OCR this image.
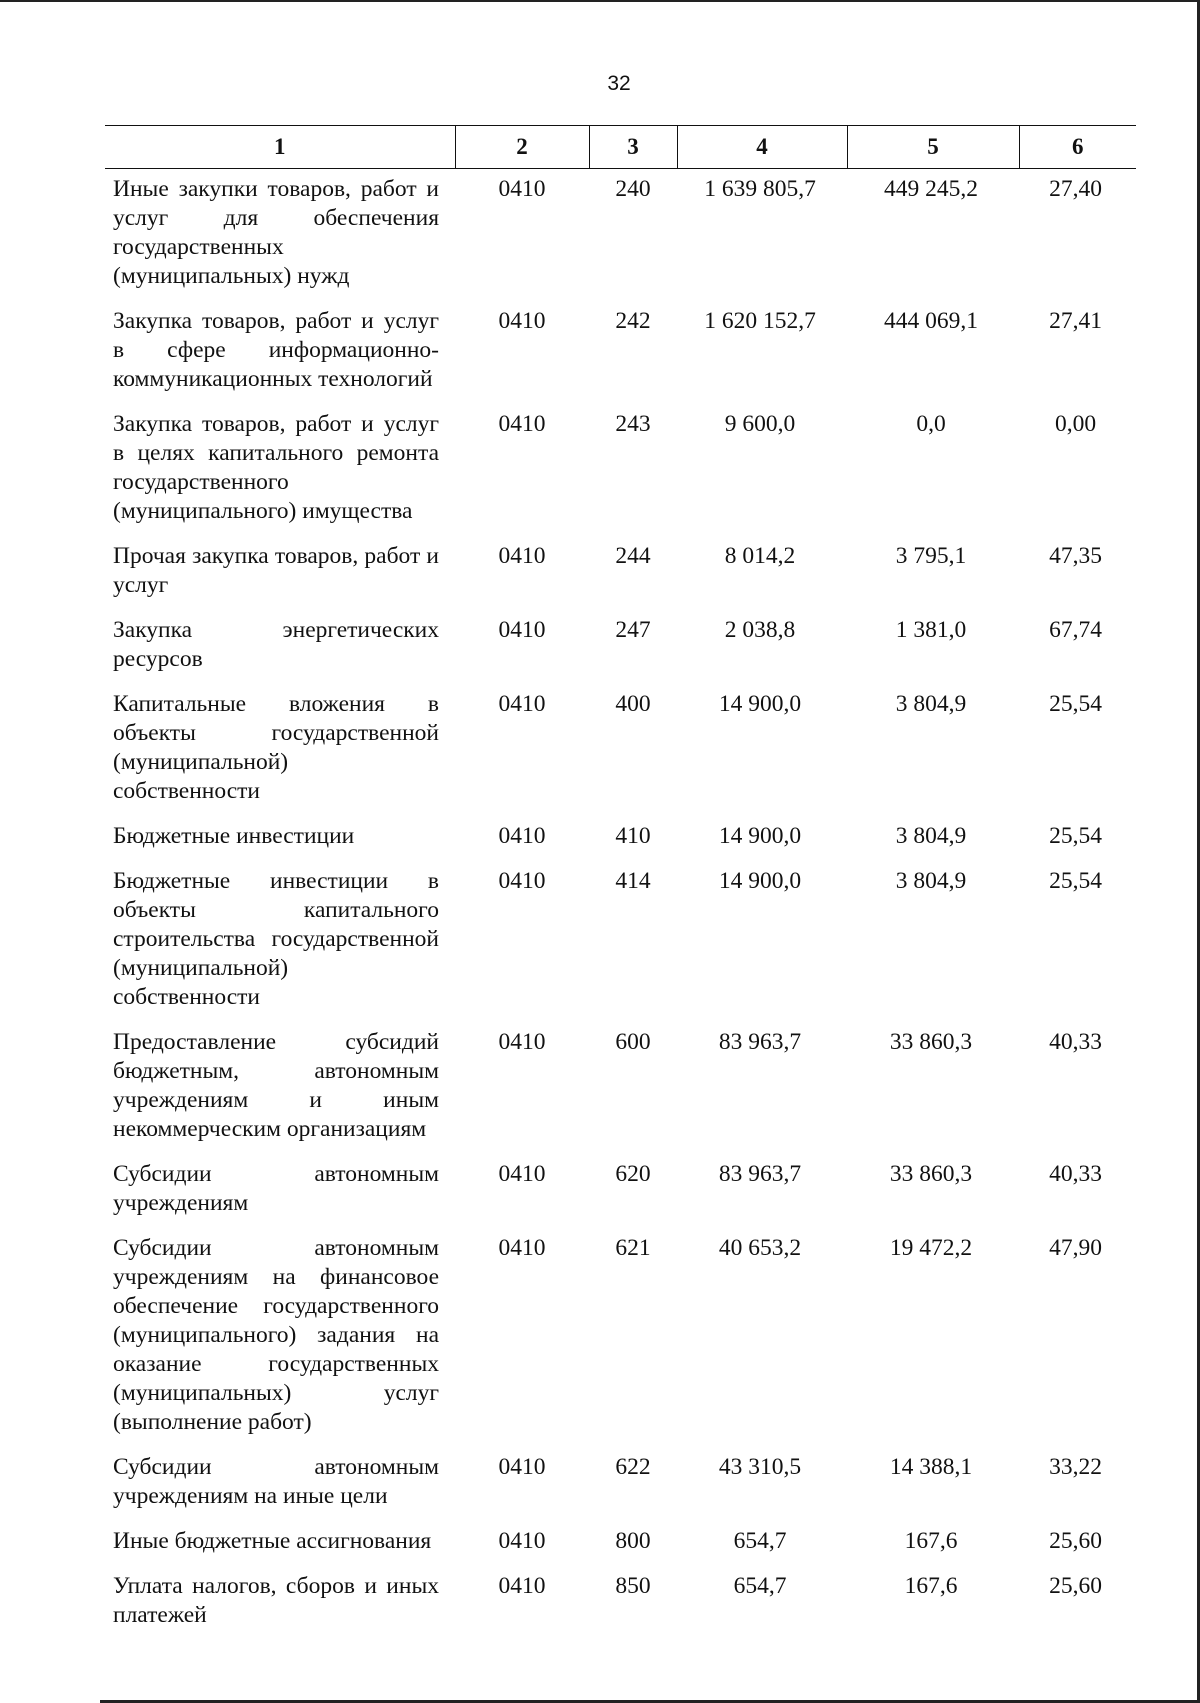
32
1	2	3	4	5	6
Иные закупки товаров, работ и услуг для обеспечения государственных (муниципальных) нужд	0410	240	1 639 805,7	449 245,2	27,40
Закупка товаров, работ и услуг в сфере информационно-коммуникационных технологий	0410	242	1 620 152,7	444 069,1	27,41
Закупка товаров, работ и услуг в целях капитального ремонта государственного (муниципального) имущества	0410	243	9 600,0	0,0	0,00
Прочая закупка товаров, работ и услуг	0410	244	8 014,2	3 795,1	47,35
Закупка энергетических ресурсов	0410	247	2 038,8	1 381,0	67,74
Капитальные вложения в объекты государственной (муниципальной) собственности	0410	400	14 900,0	3 804,9	25,54
Бюджетные инвестиции	0410	410	14 900,0	3 804,9	25,54
Бюджетные инвестиции в объекты капитального строительства государственной (муниципальной) собственности	0410	414	14 900,0	3 804,9	25,54
Предоставление субсидий бюджетным, автономным учреждениям и иным некоммерческим организациям	0410	600	83 963,7	33 860,3	40,33
Субсидии автономным учреждениям	0410	620	83 963,7	33 860,3	40,33
Субсидии автономным учреждениям на финансовое обеспечение государственного (муниципального) задания на оказание государственных (муниципальных) услуг (выполнение работ)	0410	621	40 653,2	19 472,2	47,90
Субсидии автономным учреждениям на иные цели	0410	622	43 310,5	14 388,1	33,22
Иные бюджетные ассигнования	0410	800	654,7	167,6	25,60
Уплата налогов, сборов и иных платежей	0410	850	654,7	167,6	25,60
